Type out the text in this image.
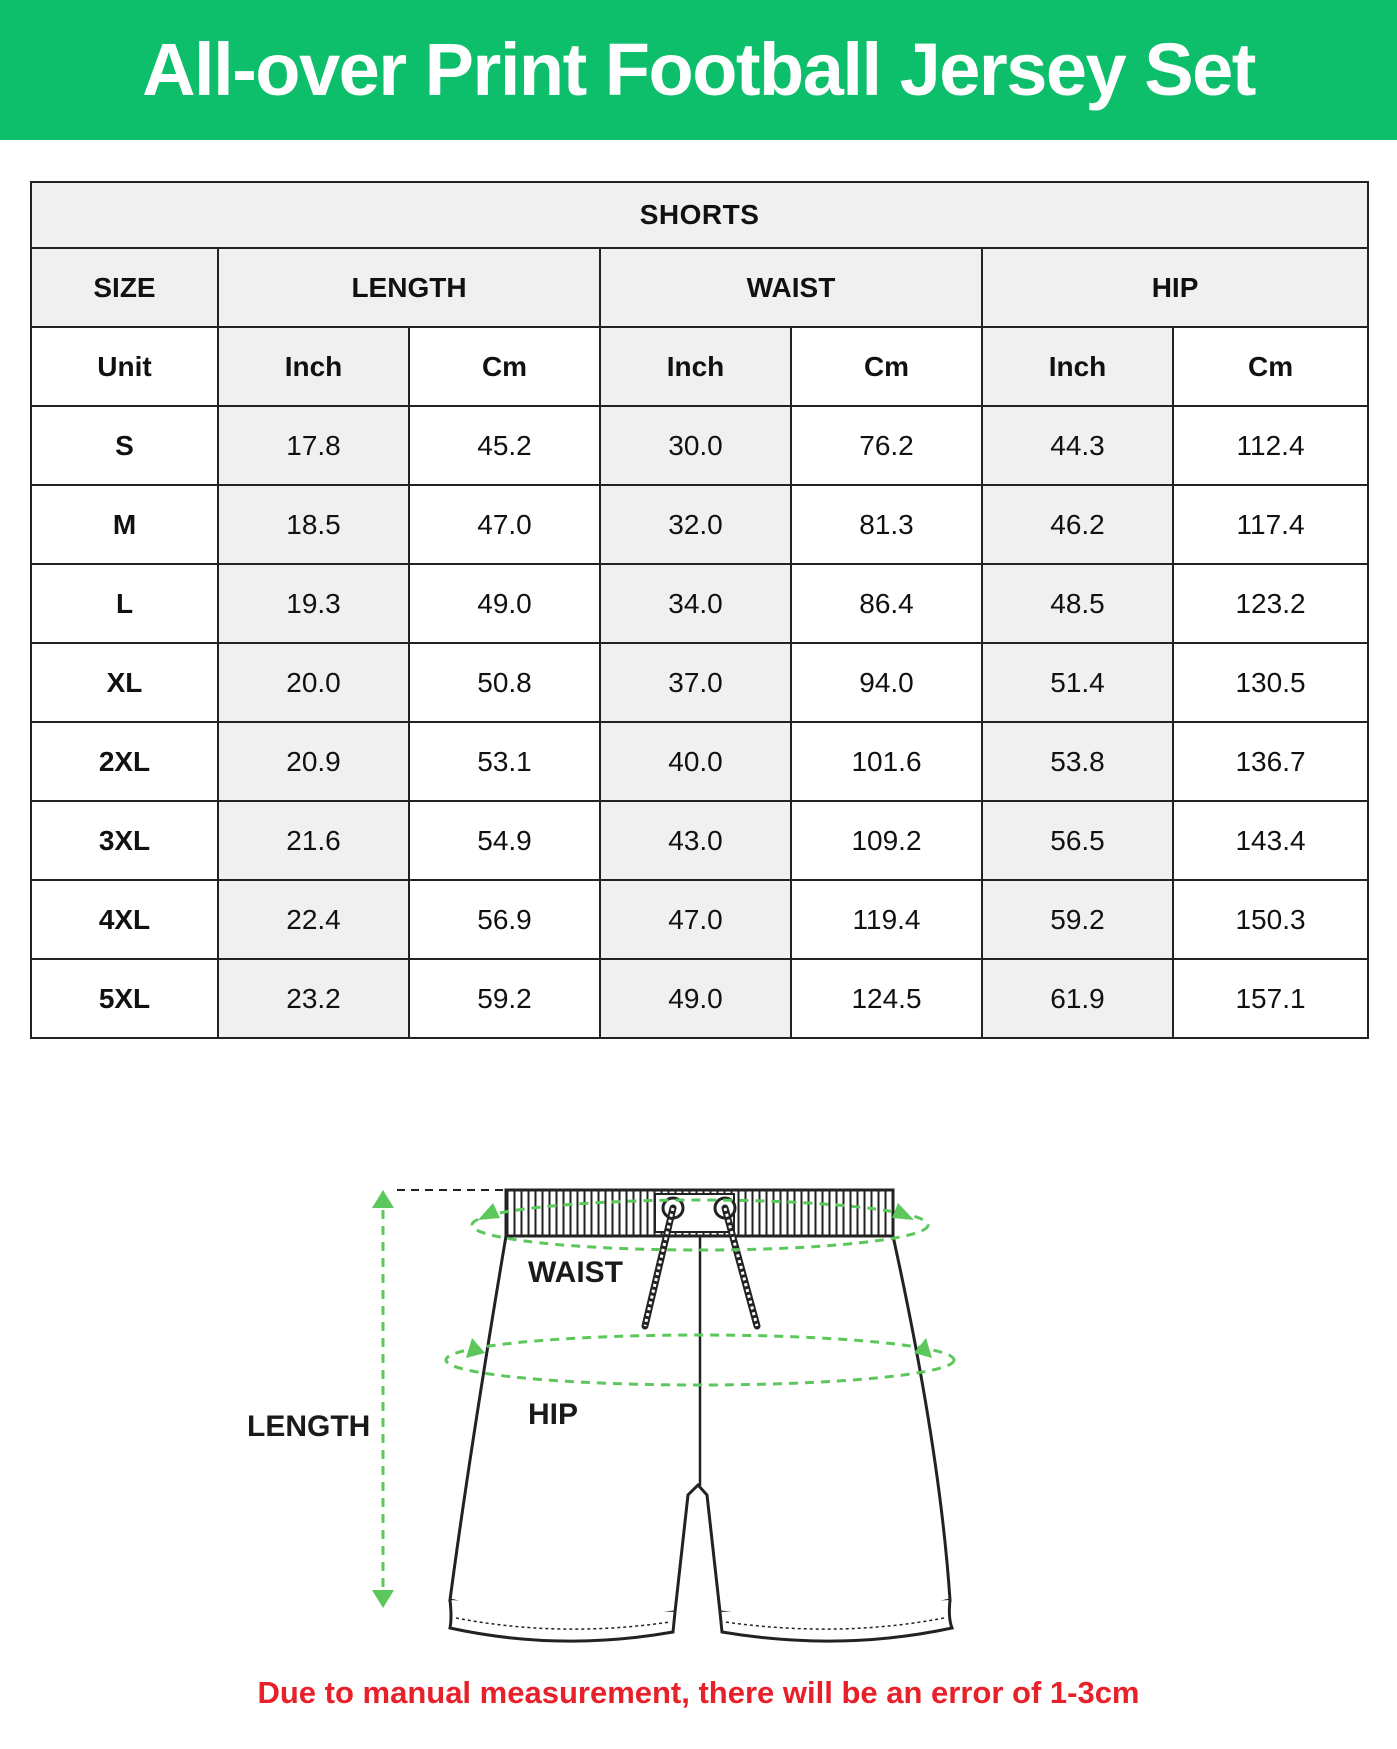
All-over Print Football Jersey Set
SHORTS						
SIZE	LENGTH		WAIST		HIP	
Unit	Inch	Cm	Inch	Cm	Inch	Cm
S	17.8	45.2	30.0	76.2	44.3	112.4
M	18.5	47.0	32.0	81.3	46.2	117.4
L	19.3	49.0	34.0	86.4	48.5	123.2
XL	20.0	50.8	37.0	94.0	51.4	130.5
2XL	20.9	53.1	40.0	101.6	53.8	136.7
3XL	21.6	54.9	43.0	109.2	56.5	143.4
4XL	22.4	56.9	47.0	119.4	59.2	150.3
5XL	23.2	59.2	49.0	124.5	61.9	157.1
WAIST
HIP
LENGTH
Due to manual measurement, there will be an error of 1-3cm
